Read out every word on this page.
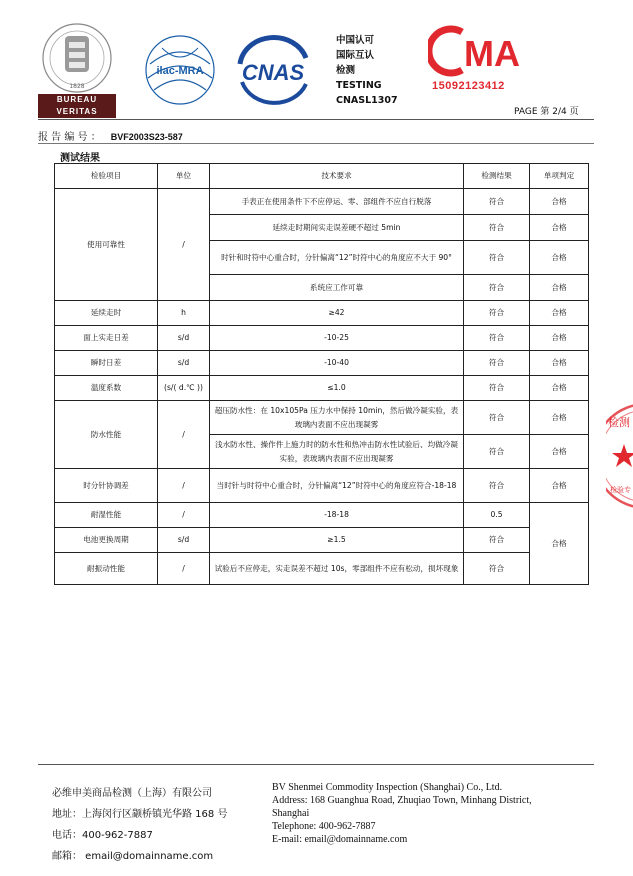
1828
BUREAU
VERITAS
ilac-MRA CNAS
中国认可
国际互认
检测
TESTING
CNASL1307
MA
15092123412
PAGE 第 2/4 页
报 告 编 号 ： BVF2003S23-587
测试结果
检验项目	单位	技术要求	检测结果	单项判定
使用可靠性	/	手表正在使用条件下不应停运、零、部组件不应自行脱落	符合	合格
		延续走时期间实走误差硬不超过 5min	符合	合格
		时针和时符中心重合时，分针偏离“12”时符中心的角度应不大于 90°	符合	合格
		系统应工作可靠	符合	合格
延续走时	h	≥42	符合	合格
面上实走日差	s/d	-10-25	符合	合格
瞬时日差	s/d	-10-40	符合	合格
温度系数	(s/( d.℃ ))	≤1.0	符合	合格
防水性能	/	超压防水性：在 10x105Pa 压力水中保持 10min，然后做冷凝实验，表玻璃内表面不应出现凝雾	符合	合格
		浅水防水性、操作件上施力时的防水性和热冲击防水性试验后、均做冷凝实验，表玻璃内表面不应出现凝雾	符合	合格
时分针协调差	/	当时针与时符中心重合时，分针偏离“12”时符中心的角度应符合-18-18	符合	合格
耐湿性能	/	-18-18	0.5	合格
电池更换周期	s/d	≥1.5	符合	
耐振动性能	/	试验后不应停走，实走误差不超过 10s，零部组件不应有松动，损坏现象	符合	
检测
检验专
必维申美商品检测（上海）有限公司
地址：上海闵行区颛桥镇光华路 168 号
电话：400-962-7887
邮箱： email@domainname.com
BV Shenmei Commodity Inspection (Shanghai) Co., Ltd.
Address: 168 Guanghua Road, Zhuqiao Town, Minhang District,
Shanghai
Telephone: 400-962-7887
E-mail: email@domainname.com
